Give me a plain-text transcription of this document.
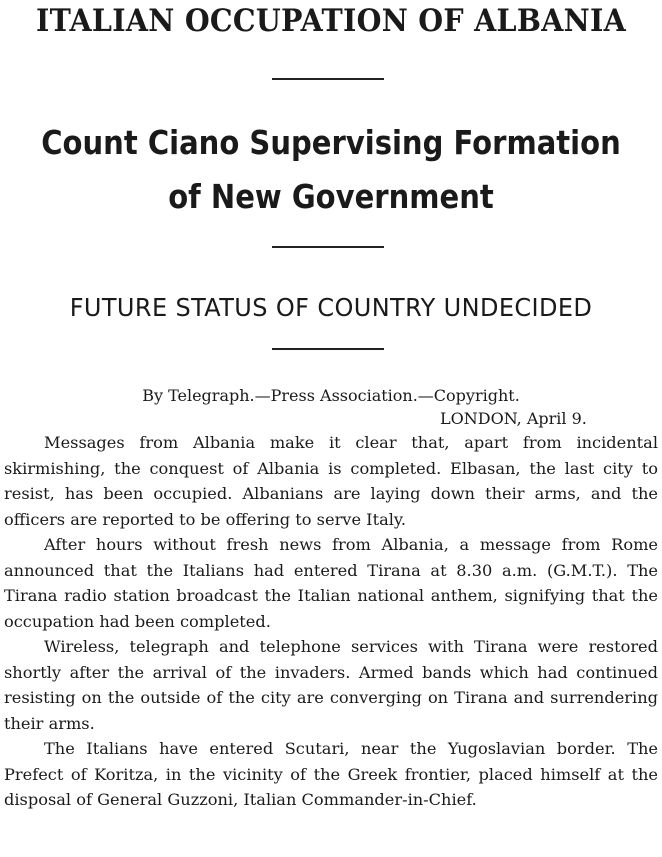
ITALIAN OCCUPATION OF ALBANIA
Count Ciano Supervising Formation
of New Government
FUTURE STATUS OF COUNTRY UNDECIDED
By Telegraph.—Press Association.—Copyright.
LONDON, April 9.

Messages from Albania make it clear that, apart from incidental skirmishing, the conquest of Albania is completed. Elbasan, the last city to resist, has been occupied. Albanians are laying down their arms, and the officers are reported to be offering to serve Italy.

After hours without fresh news from Albania, a message from Rome announced that the Italians had entered Tirana at 8.30 a.m. (G.M.T.). The Tirana radio station broadcast the Italian national anthem, signifying that the occupation had been completed.

Wireless, telegraph and telephone services with Tirana were restored shortly after the arrival of the invaders. Armed bands which had continued resisting on the outside of the city are converging on Tirana and surrendering their arms.

The Italians have entered Scutari, near the Yugoslavian border. The Prefect of Koritza, in the vicinity of the Greek frontier, placed himself at the disposal of General Guzzoni, Italian Commander-in-Chief.
